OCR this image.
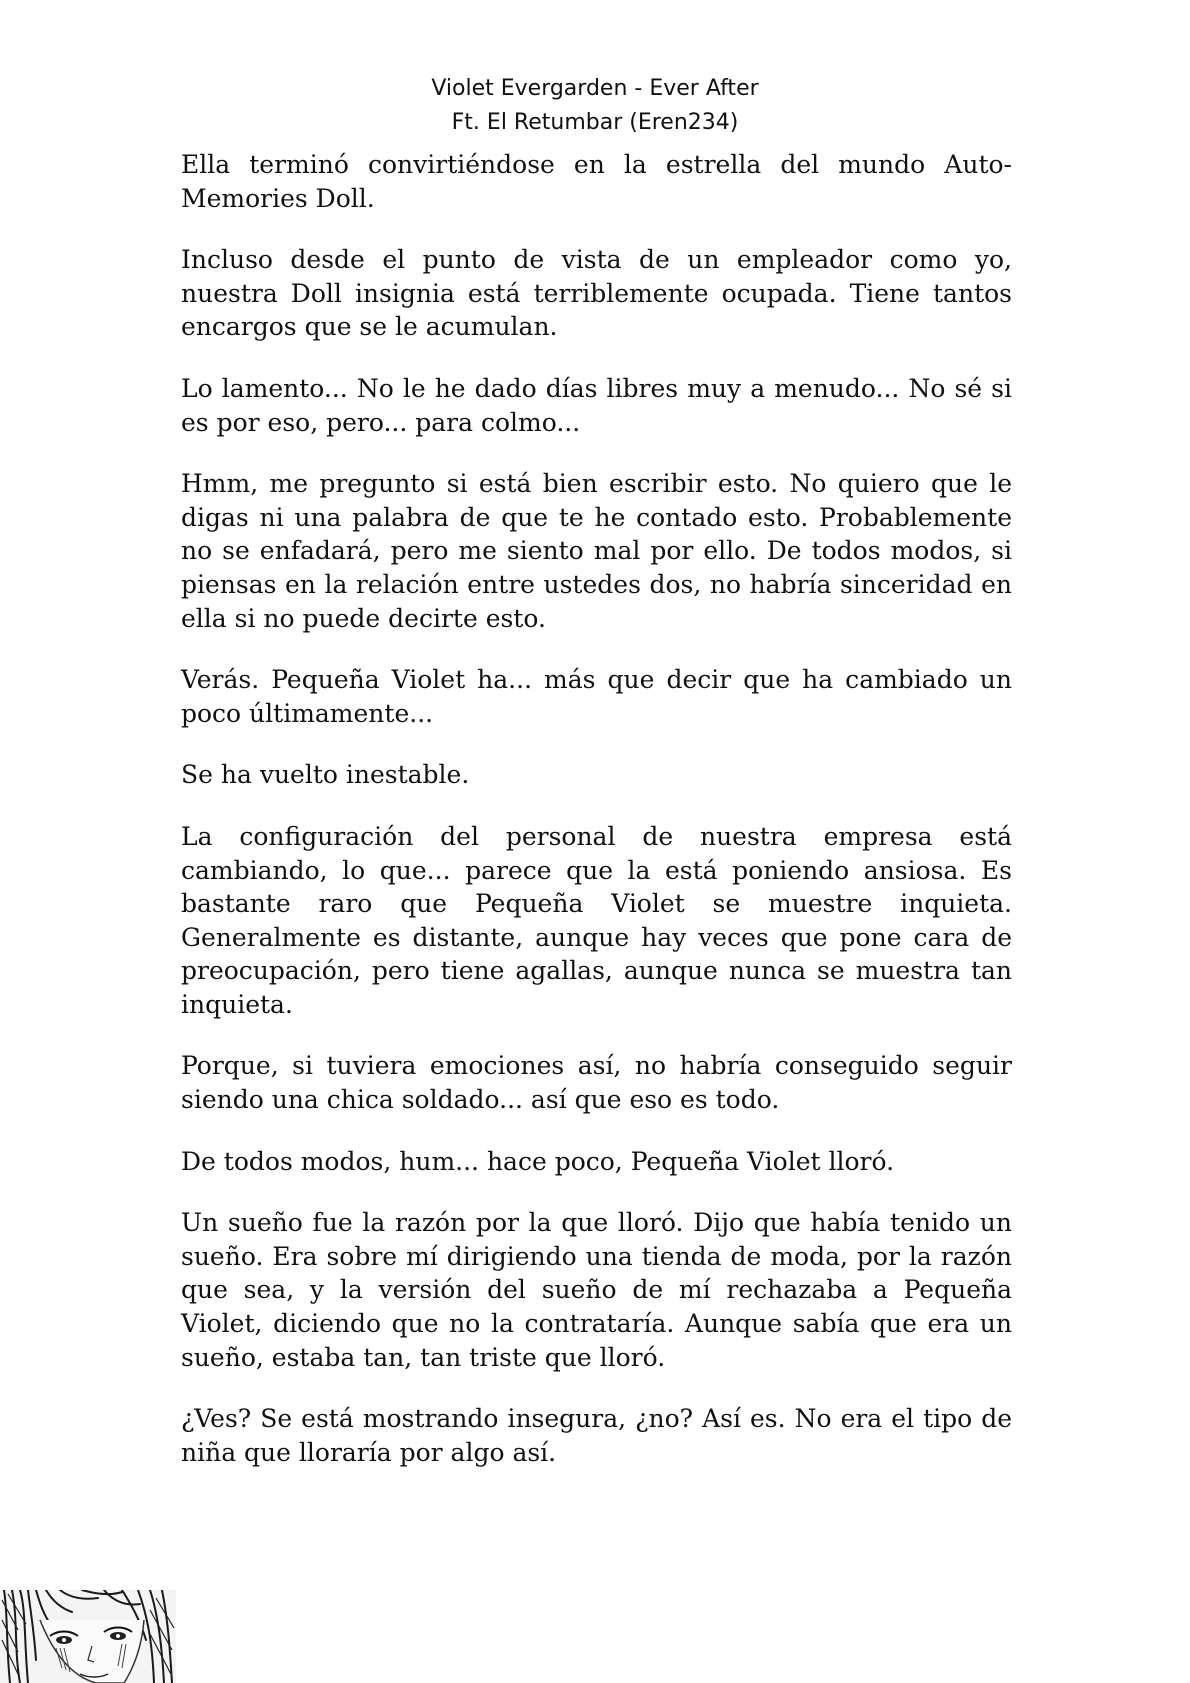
Violet Evergarden - Ever After
Ft. El Retumbar (Eren234)

Ella terminó convirtiéndose en la estrella del mundo Auto-Memories Doll.

Incluso desde el punto de vista de un empleador como yo, nuestra Doll insignia está terriblemente ocupada. Tiene tantos encargos que se le acumulan.

Lo lamento... No le he dado días libres muy a menudo... No sé si es por eso, pero... para colmo...

Hmm, me pregunto si está bien escribir esto. No quiero que le digas ni una palabra de que te he contado esto. Probablemente no se enfadará, pero me siento mal por ello. De todos modos, si piensas en la relación entre ustedes dos, no habría sinceridad en ella si no puede decirte esto.

Verás. Pequeña Violet ha... más que decir que ha cambiado un poco últimamente...

Se ha vuelto inestable.

La configuración del personal de nuestra empresa está cambiando, lo que... parece que la está poniendo ansiosa. Es bastante raro que Pequeña Violet se muestre inquieta. Generalmente es distante, aunque hay veces que pone cara de preocupación, pero tiene agallas, aunque nunca se muestra tan inquieta.

Porque, si tuviera emociones así, no habría conseguido seguir siendo una chica soldado... así que eso es todo.

De todos modos, hum... hace poco, Pequeña Violet lloró.

Un sueño fue la razón por la que lloró. Dijo que había tenido un sueño. Era sobre mí dirigiendo una tienda de moda, por la razón que sea, y la versión del sueño de mí rechazaba a Pequeña Violet, diciendo que no la contrataría. Aunque sabía que era un sueño, estaba tan, tan triste que lloró.

¿Ves? Se está mostrando insegura, ¿no? Así es. No era el tipo de niña que lloraría por algo así.
